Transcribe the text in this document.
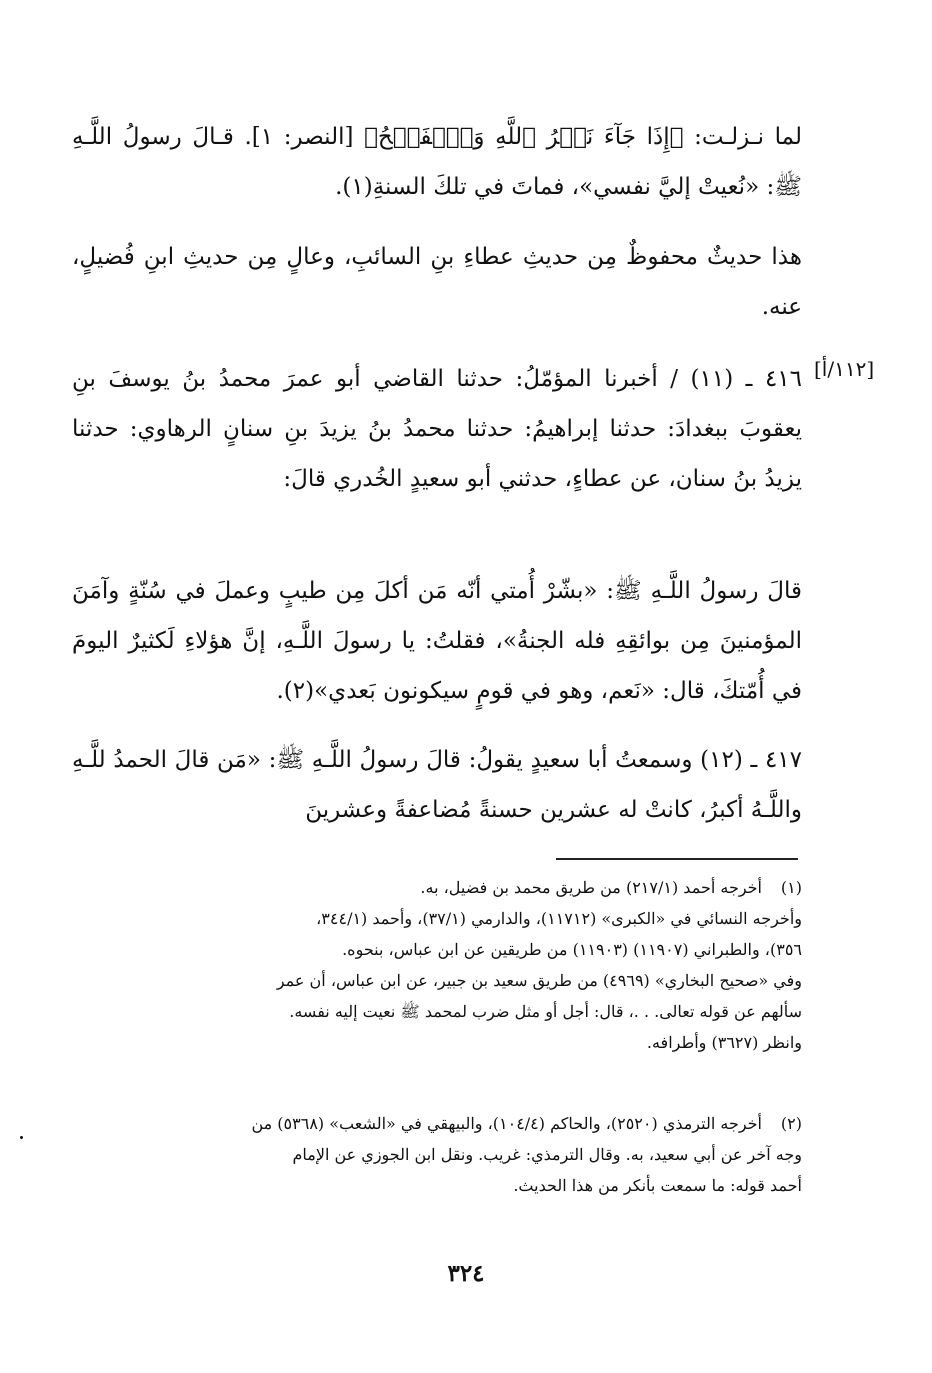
لما نـزلـت: ﴿إِذَا جَآءَ نَصۡرُ ٱللَّهِ وَٱلۡفَتۡحُ﴾ [النصر: ١]. قـالَ رسولُ اللَّـهِ ﷺ: «نُعيتْ إليَّ نفسي»، فماتَ في تلكَ السنةِ(١).

هذا حديثٌ محفوظٌ مِن حديثِ عطاءِ بنِ السائبِ، وعالٍ مِن حديثِ ابنِ فُضيلٍ، عنه.

[١١٢/أ]

٤١٦ ـ (١١) / أخبرنا المؤمّلُ: حدثنا القاضي أبو عمرَ محمدُ بنُ يوسفَ بنِ يعقوبَ ببغدادَ: حدثنا إبراهيمُ: حدثنا محمدُ بنُ يزيدَ بنِ سنانٍ الرهاوي: حدثنا يزيدُ بنُ سنان، عن عطاءٍ، حدثني أبو سعيدٍ الخُدري قالَ:

قالَ رسولُ اللَّـهِ ﷺ: «بشّرْ أُمتي أنّه مَن أكلَ مِن طيبٍ وعملَ في سُنّةٍ وآمَنَ المؤمنينَ مِن بوائقِهِ فله الجنةُ»، فقلتُ: يا رسولَ اللَّـهِ، إنَّ هؤلاءِ لَكثيرٌ اليومَ في أُمّتكَ، قال: «نَعم، وهو في قومٍ سيكونون بَعدي»(٢).

٤١٧ ـ (١٢) وسمعتُ أبا سعيدٍ يقولُ: قالَ رسولُ اللَّـهِ ﷺ: «مَن قالَ الحمدُ للَّـهِ واللَّـهُ أكبرُ، كانتْ له عشرين حسنةً مُضاعفةً وعشرينَ

(١)أخرجه أحمد (٢١٧/١) من طريق محمد بن فضيل، به.
وأخرجه النسائي في «الكبرى» (١١٧١٢)، والدارمي (٣٧/١)، وأحمد (٣٤٤/١،
٣٥٦)، والطبراني (١١٩٠٧) (١١٩٠٣) من طريقين عن ابن عباس، بنحوه.
وفي «صحيح البخاري» (٤٩٦٩) من طريق سعيد بن جبير، عن ابن عباس، أن عمر
سألهم عن قوله تعالى. . .، قال: أجل أو مثل ضرب لمحمد ﷺ نعيت إليه نفسه.
وانظر (٣٦٢٧) وأطرافه.
(٢)أخرجه الترمذي (٢٥٢٠)، والحاكم (١٠٤/٤)، والبيهقي في «الشعب» (٥٣٦٨) من
وجه آخر عن أبي سعيد، به. وقال الترمذي: غريب. ونقل ابن الجوزي عن الإمام
أحمد قوله: ما سمعت بأنكر من هذا الحديث.
٣٢٤
